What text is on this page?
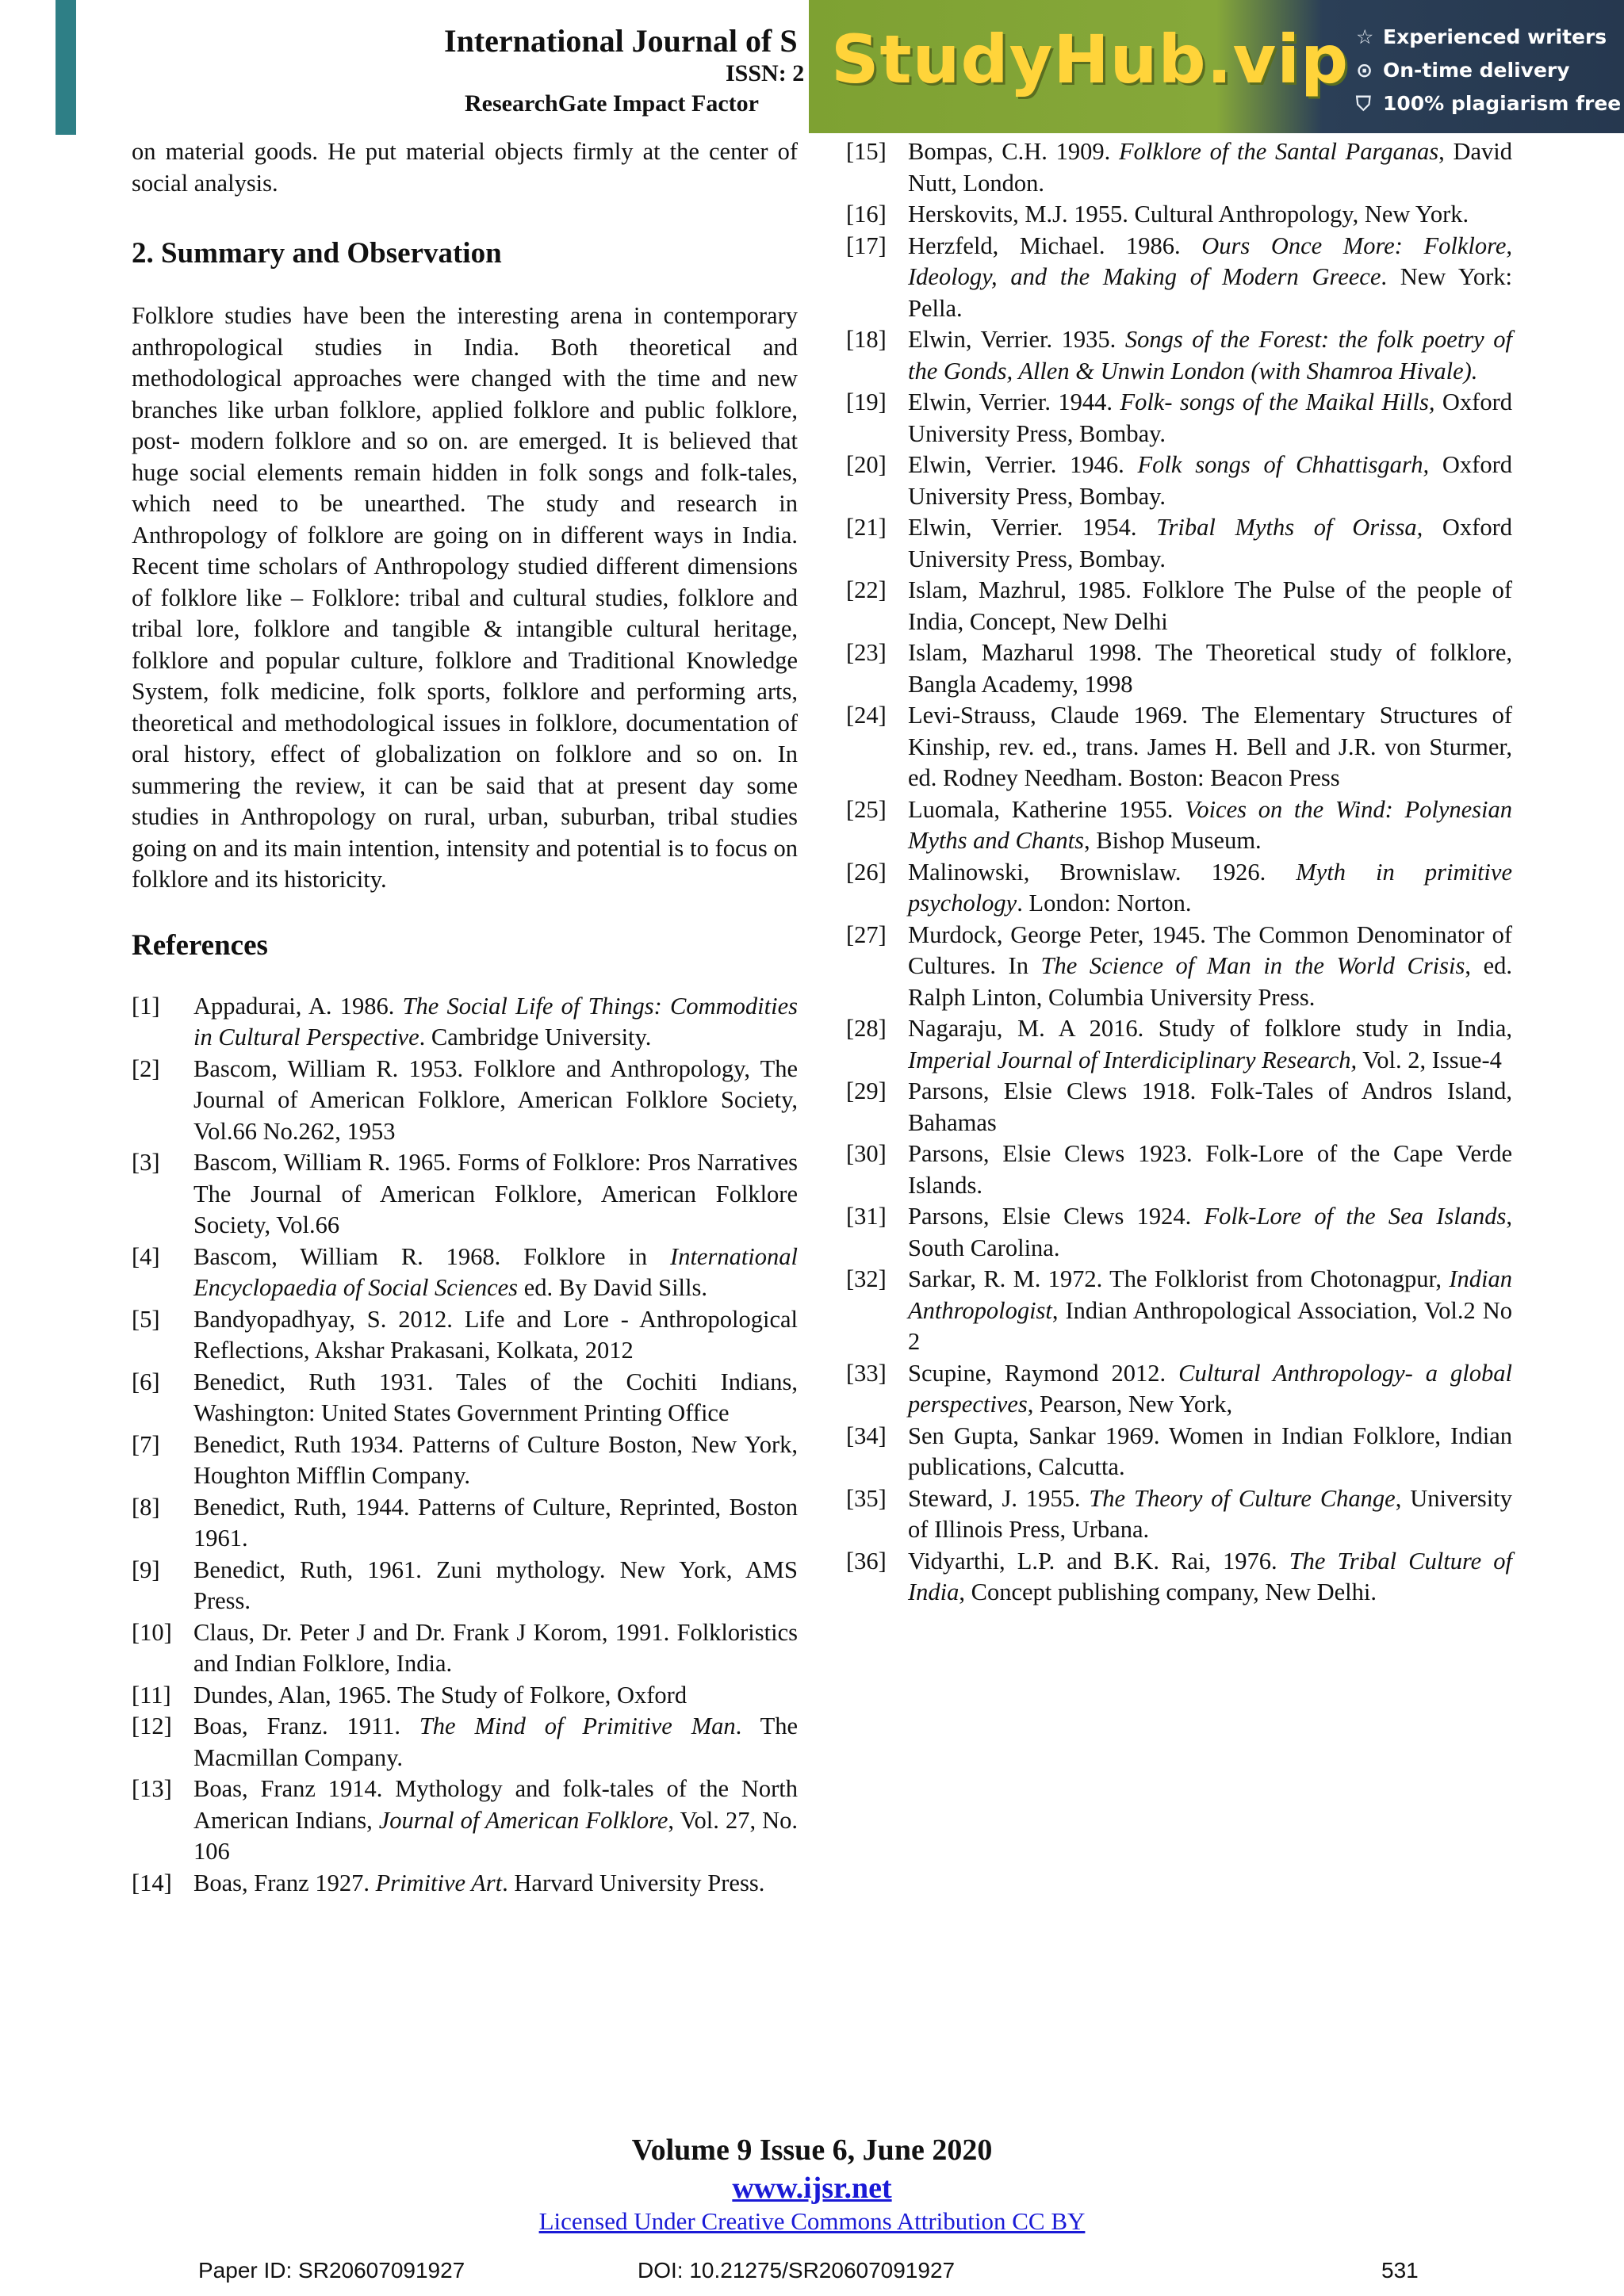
International Journal of S
ISSN: 2
ResearchGate Impact Factor
StudyHub.vip ☆ Experienced writers
⊙ On-time delivery
⛉ 100% plagiarism free

on material goods. He put material objects firmly at the center of social analysis.

2. Summary and Observation

Folklore studies have been the interesting arena in contemporary anthropological studies in India. Both theoretical and methodological approaches were changed with the time and new branches like urban folklore, applied folklore and public folklore, post- modern folklore and so on. are emerged. It is believed that huge social elements remain hidden in folk songs and folk-tales, which need to be unearthed. The study and research in Anthropology of folklore are going on in different ways in India. Recent time scholars of Anthropology studied different dimensions of folklore like – Folklore: tribal and cultural studies, folklore and tribal lore, folklore and tangible & intangible cultural heritage, folklore and popular culture, folklore and Traditional Knowledge System, folk medicine, folk sports, folklore and performing arts, theoretical and methodological issues in folklore, documentation of oral history, effect of globalization on folklore and so on. In summering the review, it can be said that at present day some studies in Anthropology on rural, urban, suburban, tribal studies going on and its main intention, intensity and potential is to focus on folklore and its historicity.

References
[1]	Appadurai, A. 1986. The Social Life of Things: Commodities in Cultural Perspective. Cambridge University.
[2]	Bascom, William R. 1953. Folklore and Anthropology, The Journal of American Folklore, American Folklore Society, Vol.66 No.262, 1953
[3]	Bascom, William R. 1965. Forms of Folklore: Pros Narratives The Journal of American Folklore, American Folklore Society, Vol.66
[4]	Bascom, William R. 1968. Folklore in International Encyclopaedia of Social Sciences ed. By David Sills.
[5]	Bandyopadhyay, S. 2012. Life and Lore - Anthropological Reflections, Akshar Prakasani, Kolkata, 2012
[6]	Benedict, Ruth 1931. Tales of the Cochiti Indians, Washington: United States Government Printing Office
[7]	Benedict, Ruth 1934. Patterns of Culture Boston, New York, Houghton Mifflin Company.
[8]	Benedict, Ruth, 1944. Patterns of Culture, Reprinted, Boston 1961.
[9]	Benedict, Ruth, 1961. Zuni mythology. New York, AMS Press.
[10] Claus, Dr. Peter J and Dr. Frank J Korom, 1991. Folkloristics and Indian Folklore, India.
[11] Dundes, Alan, 1965. The Study of Folkore, Oxford
[12] Boas, Franz. 1911. The Mind of Primitive Man. The Macmillan Company.
[13] Boas, Franz 1914. Mythology and folk-tales of the North American Indians, Journal of American Folklore, Vol. 27, No. 106
[14] Boas, Franz 1927. Primitive Art. Harvard University Press.
[15] Bompas, C.H. 1909. Folklore of the Santal Parganas, David Nutt, London.
[16] Herskovits, M.J. 1955. Cultural Anthropology, New York.
[17] Herzfeld, Michael. 1986. Ours Once More: Folklore, Ideology, and the Making of Modern Greece. New York: Pella.
[18] Elwin, Verrier. 1935. Songs of the Forest: the folk poetry of the Gonds, Allen & Unwin London (with Shamroa Hivale).
[19] Elwin, Verrier. 1944. Folk- songs of the Maikal Hills, Oxford University Press, Bombay.
[20] Elwin, Verrier. 1946. Folk songs of Chhattisgarh, Oxford University Press, Bombay.
[21] Elwin, Verrier. 1954. Tribal Myths of Orissa, Oxford University Press, Bombay.
[22] Islam, Mazhrul, 1985. Folklore The Pulse of the people of India, Concept, New Delhi
[23] Islam, Mazharul 1998. The Theoretical study of folklore, Bangla Academy, 1998
[24] Levi-Strauss, Claude 1969. The Elementary Structures of Kinship, rev. ed., trans. James H. Bell and J.R. von Sturmer, ed. Rodney Needham. Boston: Beacon Press
[25] Luomala, Katherine 1955. Voices on the Wind: Polynesian Myths and Chants, Bishop Museum.
[26] Malinowski, Brownislaw. 1926. Myth in primitive psychology. London: Norton.
[27] Murdock, George Peter, 1945. The Common Denominator of Cultures. In The Science of Man in the World Crisis, ed. Ralph Linton, Columbia University Press.
[28] Nagaraju, M. A 2016. Study of folklore study in India, Imperial Journal of Interdiciplinary Research, Vol. 2, Issue-4
[29] Parsons, Elsie Clews 1918. Folk-Tales of Andros Island, Bahamas
[30] Parsons, Elsie Clews 1923. Folk-Lore of the Cape Verde Islands.
[31] Parsons, Elsie Clews 1924. Folk-Lore of the Sea Islands, South Carolina.
[32] Sarkar, R. M. 1972. The Folklorist from Chotonagpur, Indian Anthropologist, Indian Anthropological Association, Vol.2 No 2
[33] Scupine, Raymond 2012. Cultural Anthropology- a global perspectives, Pearson, New York,
[34] Sen Gupta, Sankar 1969. Women in Indian Folklore, Indian publications, Calcutta.
[35] Steward, J. 1955. The Theory of Culture Change, University of Illinois Press, Urbana.
[36] Vidyarthi, L.P. and B.K. Rai, 1976. The Tribal Culture of India, Concept publishing company, New Delhi.
Volume 9 Issue 6, June 2020
www.ijsr.net
Licensed Under Creative Commons Attribution CC BY
Paper ID: SR20607091927	DOI: 10.21275/SR20607091927	531
